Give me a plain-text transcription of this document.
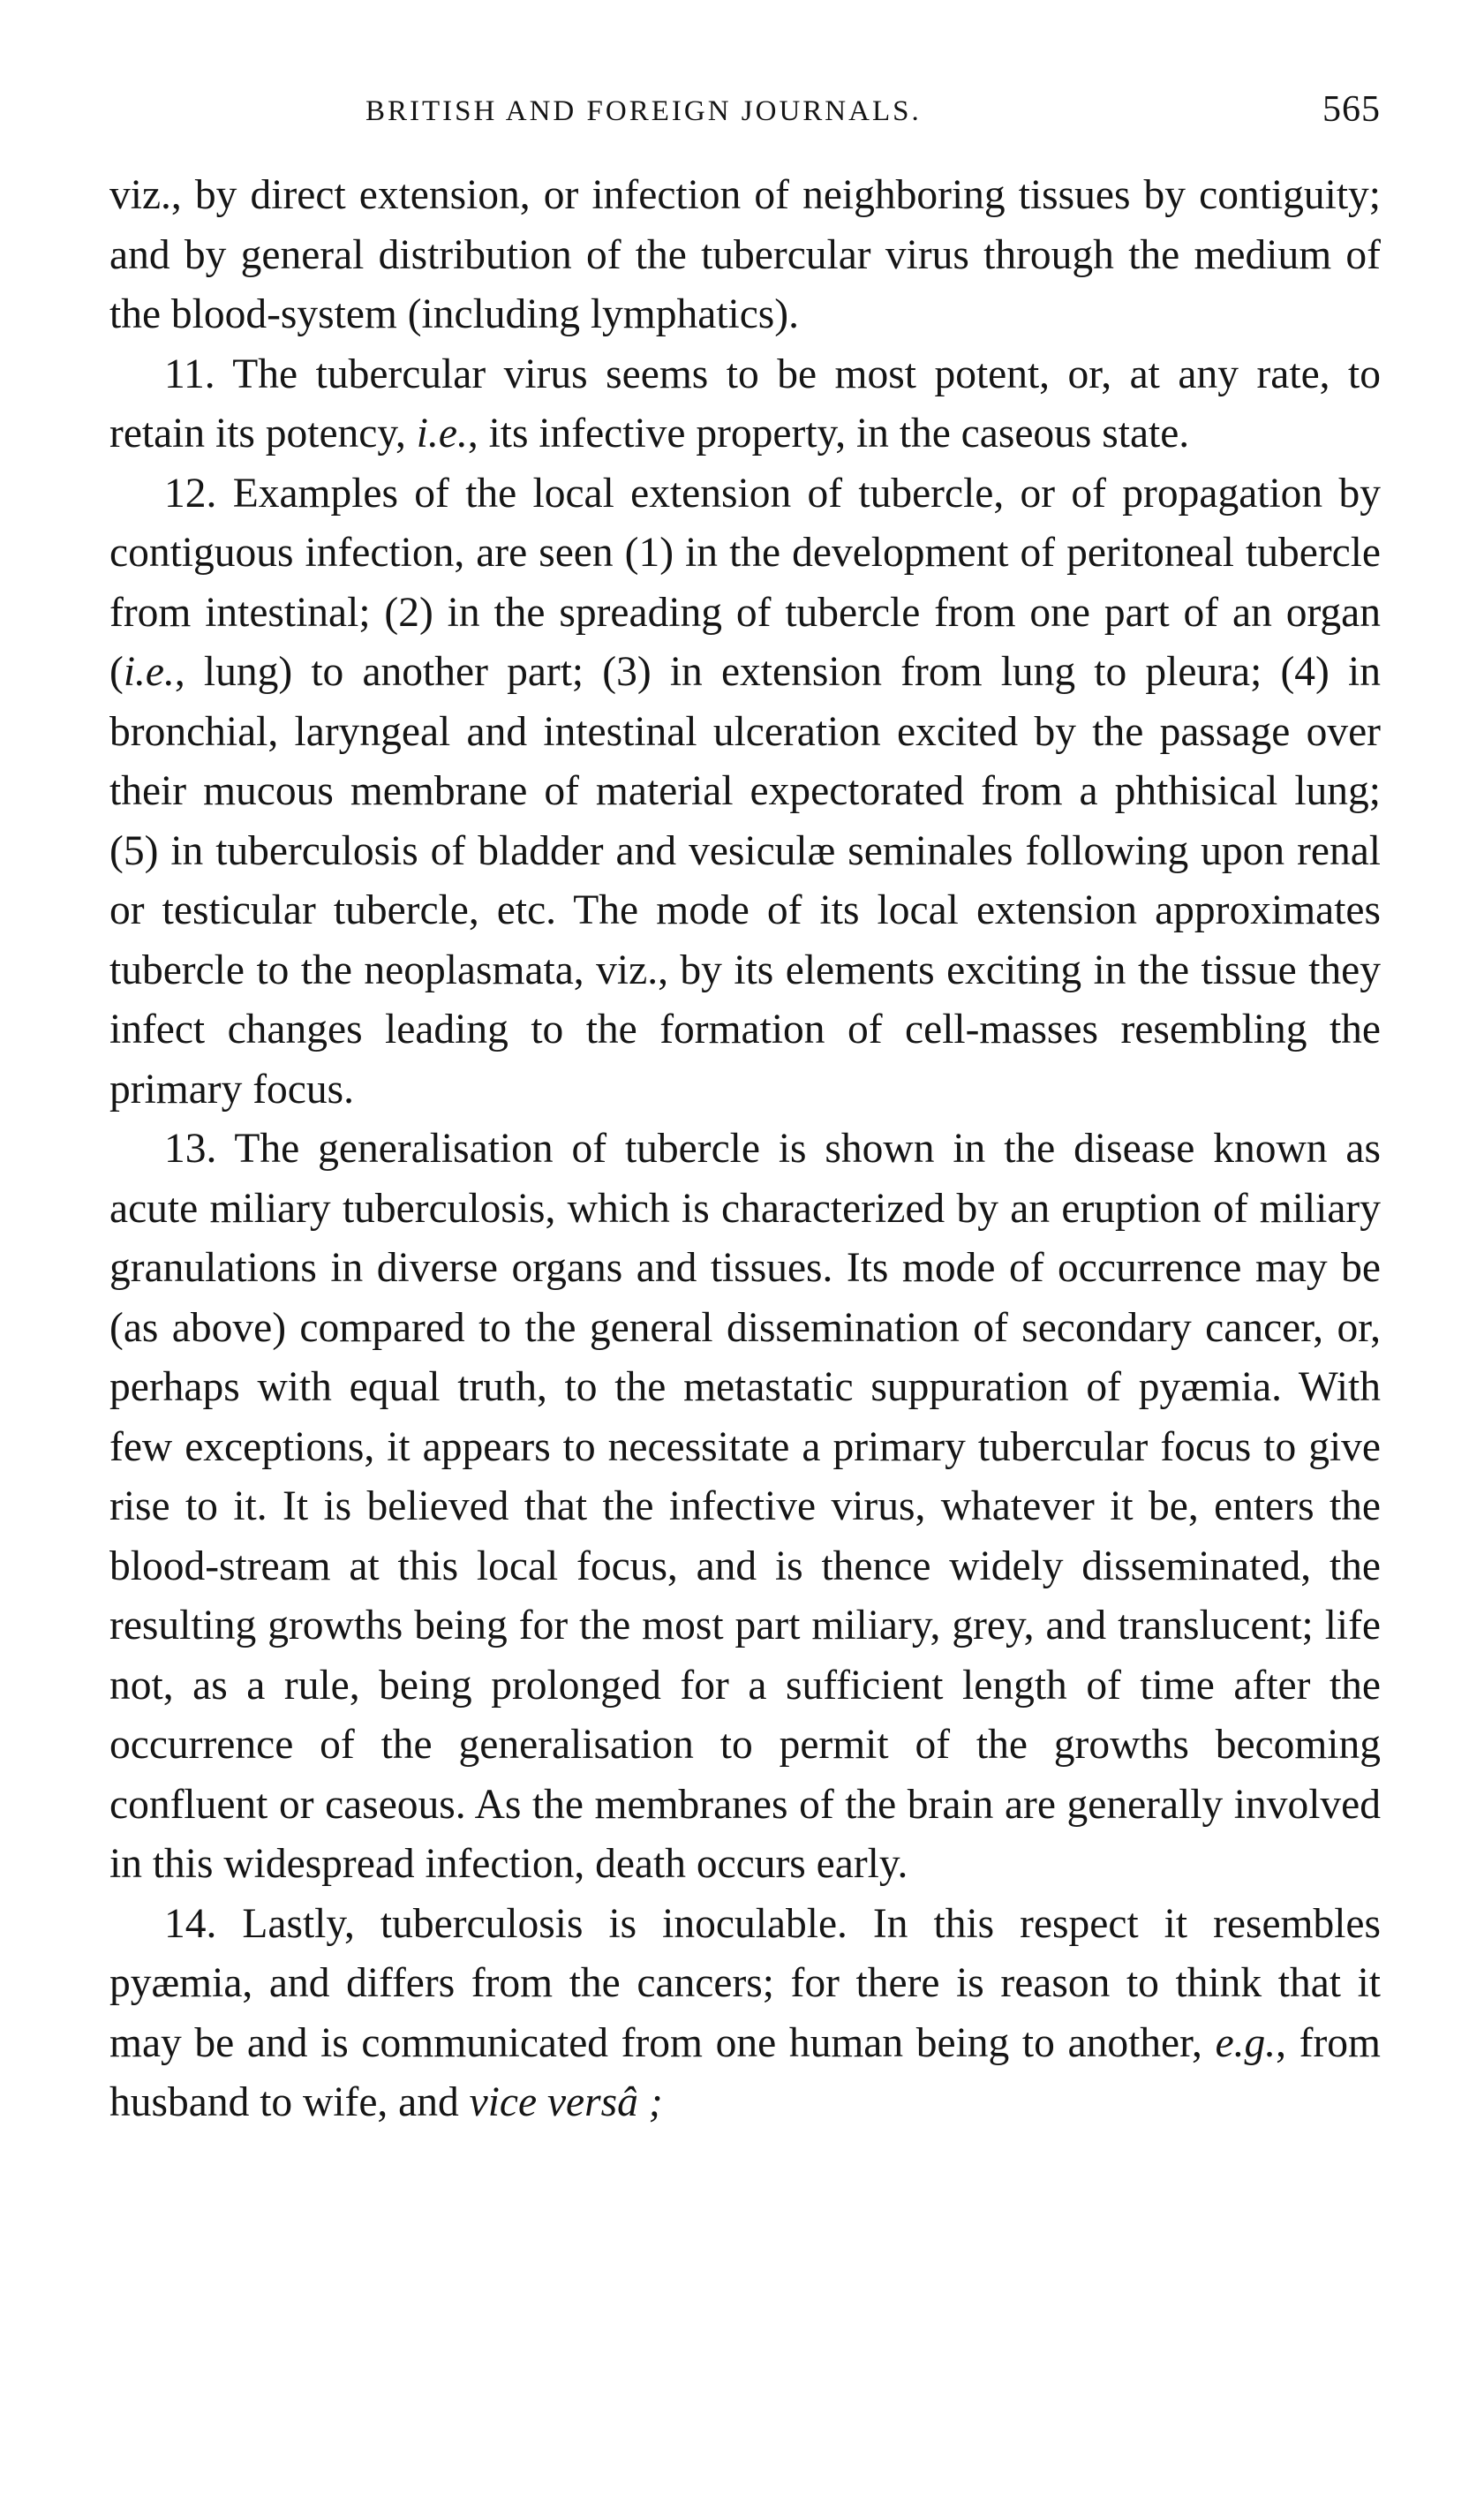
BRITISH AND FOREIGN JOURNALS.	565

viz., by direct extension, or infection of neighboring tissues by contiguity; and by general distribution of the tubercular virus through the medium of the blood-system (including lymphatics).

11. The tubercular virus seems to be most potent, or, at any rate, to retain its potency, i.e., its infective property, in the caseous state.

12. Examples of the local extension of tubercle, or of propagation by contiguous infection, are seen (1) in the development of peritoneal tubercle from intestinal; (2) in the spreading of tubercle from one part of an organ (i.e., lung) to another part; (3) in extension from lung to pleura; (4) in bronchial, laryngeal and intestinal ulceration excited by the passage over their mucous membrane of material expectorated from a phthisical lung; (5) in tuberculosis of bladder and vesiculæ seminales following upon renal or testicular tubercle, etc. The mode of its local extension approximates tubercle to the neoplasmata, viz., by its elements exciting in the tissue they infect changes leading to the formation of cell-masses resembling the primary focus.

13. The generalisation of tubercle is shown in the disease known as acute miliary tuberculosis, which is characterized by an eruption of miliary granulations in diverse organs and tissues. Its mode of occurrence may be (as above) compared to the general dissemination of secondary cancer, or, perhaps with equal truth, to the metastatic suppuration of pyæmia. With few exceptions, it appears to necessitate a primary tubercular focus to give rise to it. It is believed that the infective virus, whatever it be, enters the blood-stream at this local focus, and is thence widely disseminated, the resulting growths being for the most part miliary, grey, and translucent; life not, as a rule, being prolonged for a sufficient length of time after the occurrence of the generalisation to permit of the growths becoming confluent or caseous. As the membranes of the brain are generally involved in this widespread infection, death occurs early.

14. Lastly, tuberculosis is inoculable. In this respect it resembles pyæmia, and differs from the cancers; for there is reason to think that it may be and is communicated from one human being to another, e.g., from husband to wife, and vice versâ ;
